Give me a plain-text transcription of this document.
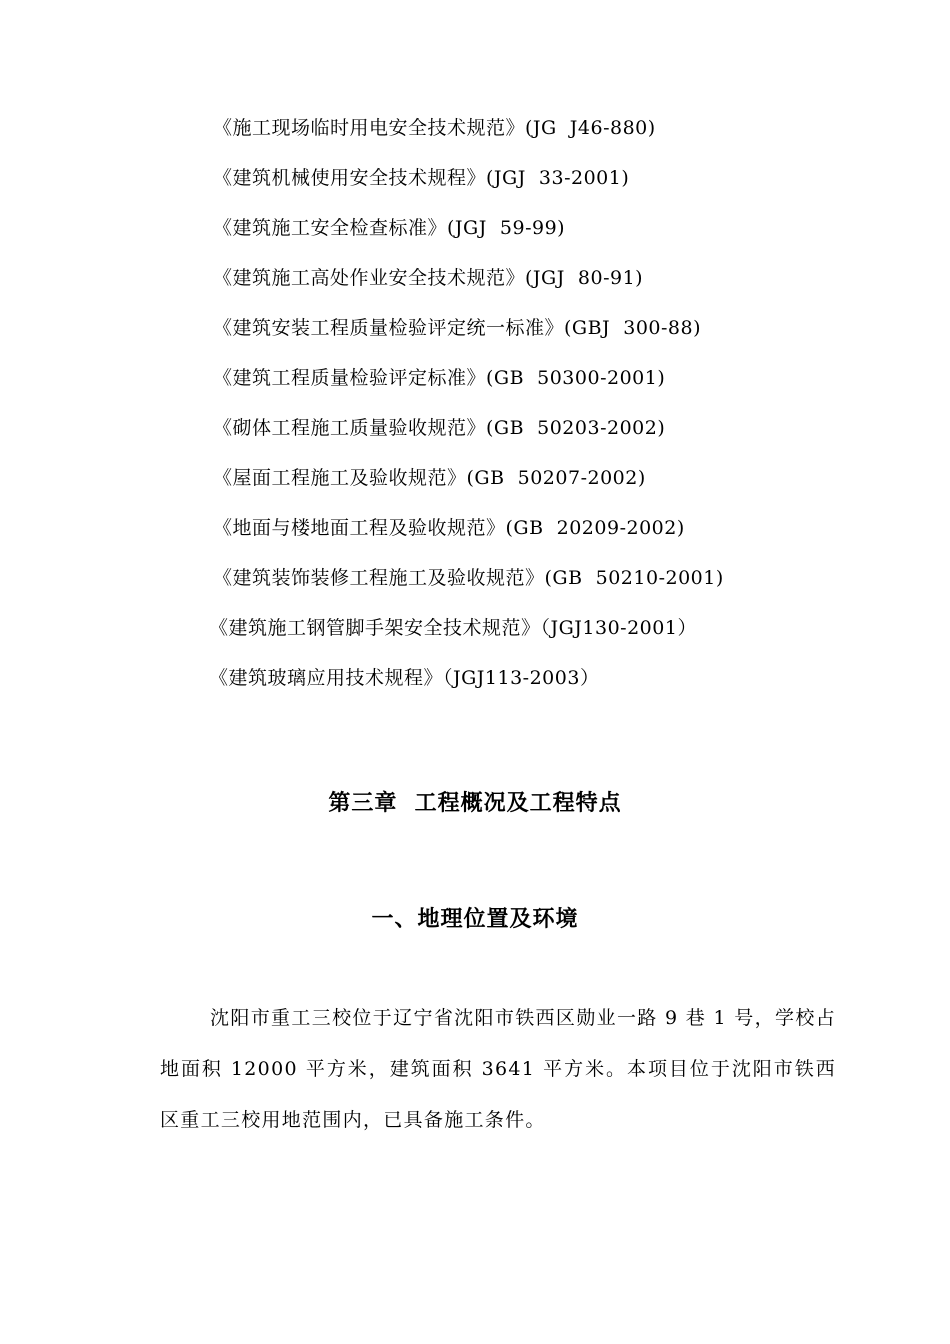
《施工现场临时用电安全技术规范》(JG  J46-880)
《建筑机械使用安全技术规程》(JGJ  33-2001)
《建筑施工安全检查标准》(JGJ  59-99)
《建筑施工高处作业安全技术规范》(JGJ  80-91)
《建筑安装工程质量检验评定统一标准》(GBJ  300-88)
《建筑工程质量检验评定标准》(GB  50300-2001)
《砌体工程施工质量验收规范》(GB  50203-2002)
《屋面工程施工及验收规范》(GB  50207-2002)
《地面与楼地面工程及验收规范》(GB  20209-2002)
《建筑装饰装修工程施工及验收规范》(GB  50210-2001)
《建筑施工钢管脚手架安全技术规范》（JGJ130-2001）
《建筑玻璃应用技术规程》（JGJ113-2003）
第三章  工程概况及工程特点
一、地理位置及环境

沈阳市重工三校位于辽宁省沈阳市铁西区勋业一路 9 巷 1 号，学校占地面积 12000 平方米，建筑面积 3641 平方米。本项目位于沈阳市铁西区重工三校用地范围内，已具备施工条件。
